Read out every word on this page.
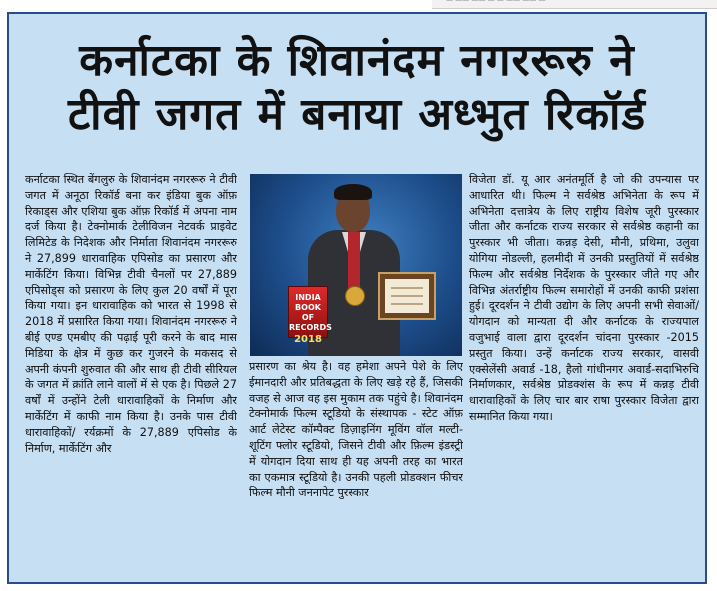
— —— —— — — —— —— —
कर्नाटका के शिवानंदम नगररूरु ने
टीवी जगत में बनाया अध्भुत रिकॉर्ड

कर्नाटका स्थित बेंगलुरु के शिवानंदम नगररूरु ने टीवी जगत में अनूठा रिकॉर्ड बना कर इंडिया बुक ऑफ़ रिकाड्स और एशिया बुक ऑफ़ रिकॉर्ड में अपना नाम दर्ज किया है। टेक्नोमार्क टेलीविजन नेटवर्क प्राइवेट लिमिटेड के निदेशक और निर्माता शिवानंदम नगररूरु ने 27,899 धारावाहिक एपिसोड का प्रसारण और मार्केटिंग किया। विभिन्न टीवी चैनलों पर 27,889 एपिसोड्स को प्रसारण के लिए कुल 20 वर्षों में पूरा किया गया। इन धारावाहिक को भारत से 1998 से 2018 में प्रसारित किया गया। शिवानंदम नगररूरु ने बीई एण्ड एमबीए की पढ़ाई पूरी करने के बाद मास मिडिया के क्षेत्र में कुछ कर गुजरने के मकसद से अपनी कंपनी शुरुवात की और साथ ही टीवी सीरियल के जगत में क्रांति लाने वालों में से एक है। पिछले 27 वर्षों में उन्होंने टेली धारावाहिकों के निर्माण और मार्केटिंग में काफी नाम किया है। उनके पास टीवी धारावाहिकों/ रर्यक्रमों के 27,889 एपिसोड के निर्माण, मार्केटिंग और

INDIA BOOK OF RECORDS
2018

प्रसारण का श्रेय है। वह हमेशा अपने पेशे के लिए ईमानदारी और प्रतिबद्धता के लिए खड़े रहे हैं, जिसकी वजह से आज वह इस मुकाम तक पहुंचे है। शिवानंदम टेक्नोमार्क फिल्म स्टूडियो के संस्थापक - स्टेट ऑफ़ आर्ट लेटेस्ट कॉम्पैक्ट डिज़ाइनिंग मूविंग वॉल मल्टी-शूटिंग फ्लोर स्टूडियो, जिसने टीवी और फ़िल्म इंडस्ट्री में योगदान दिया साथ ही यह अपनी तरह का भारत का एकमात्र स्टूडियो है। उनकी पहली प्रोडक्शन फीचर फिल्म मौनी जननापेट पुरस्कार

विजेता डॉ. यू आर अनंतमूर्ति है जो की उपन्यास पर आधारित थी। फिल्म ने सर्वश्रेष्ठ अभिनेता के रूप में अभिनेता दत्तात्रेय के लिए राष्ट्रीय विशेष जूरी पुरस्कार जीता और कर्नाटक राज्य सरकार से सर्वश्रेष्ठ कहानी का पुरस्कार भी जीता। कन्नड़ देसी, मौनी, प्रथिमा, उलुवा योगिया नोडल्ली, हलमीदी में उनकी प्रस्तुतियों में सर्वश्रेष्ठ फिल्म और सर्वश्रेष्ठ निर्देशक के पुरस्कार जीते गए और विभिन्न अंतर्राष्ट्रीय फिल्म समारोहों में उनकी काफी प्रशंसा हुई। दूरदर्शन ने टीवी उद्योग के लिए अपनी सभी सेवाओं/योगदान को मान्यता दी और कर्नाटक के राज्यपाल वजुभाई वाला द्वारा दूरदर्शन चांदना पुरस्कार -2015 प्रस्तुत किया। उन्हें कर्नाटक राज्य सरकार, वासवी एक्सेलेंसी अवार्ड -18, हैलो गांधीनगर अवार्ड-सदाभिरुचि निर्माणकार, सर्वश्रेष्ठ प्रोडक्शंस के रूप में कन्नड़ टीवी धारावाहिकों के लिए चार बार राषा पुरस्कार विजेता द्वारा सम्मानित किया गया।
